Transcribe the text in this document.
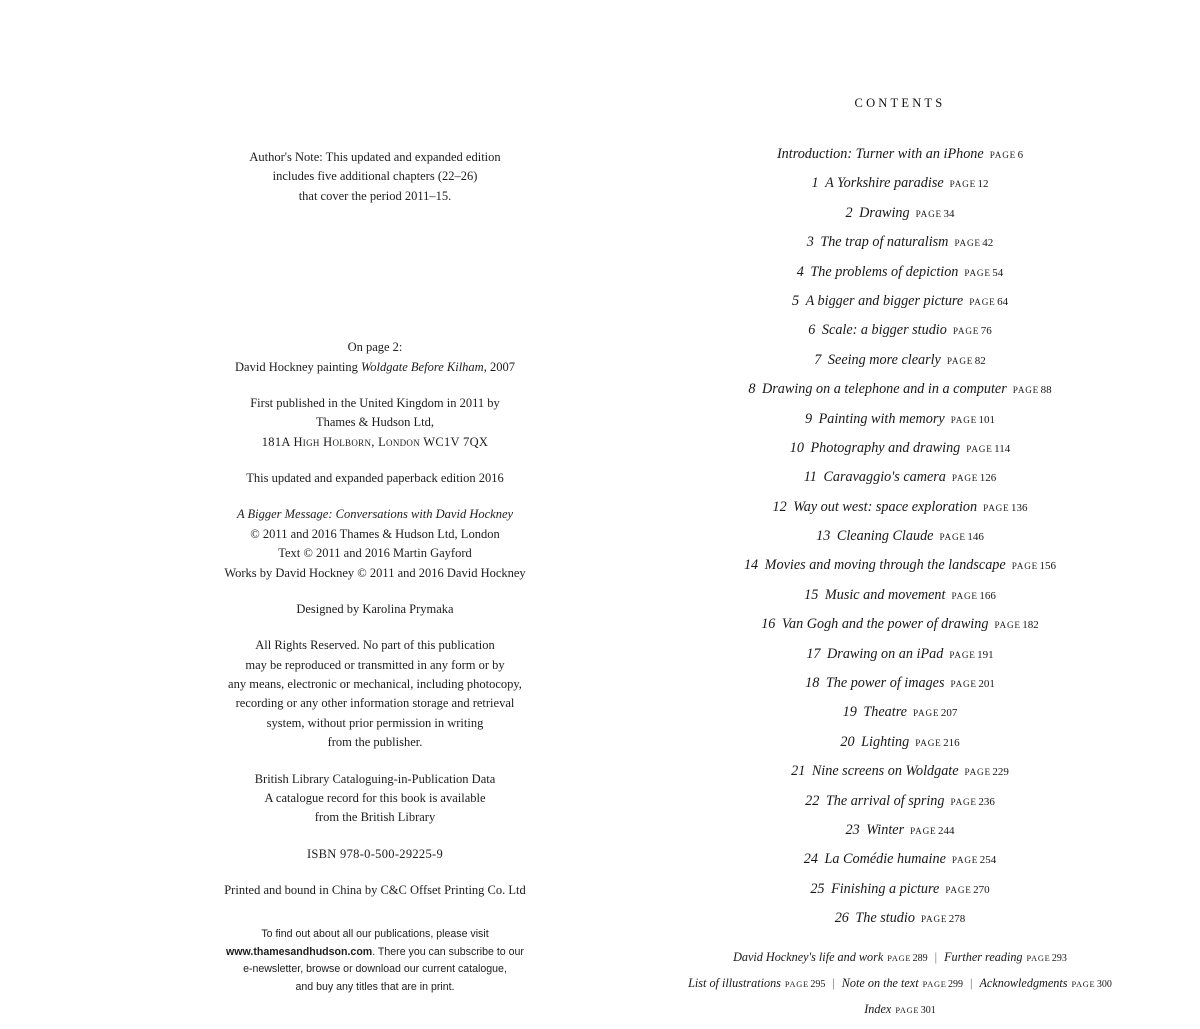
Author's Note: This updated and expanded edition
includes five additional chapters (22–26)
that cover the period 2011–15.

On page 2:

David Hockney painting Woldgate Before Kilham, 2007

First published in the United Kingdom in 2011 by
Thames & Hudson Ltd,
181A High Holborn, London WC1V 7QX

This updated and expanded paperback edition 2016

A Bigger Message: Conversations with David Hockney
© 2011 and 2016 Thames & Hudson Ltd, London
Text © 2011 and 2016 Martin Gayford
Works by David Hockney © 2011 and 2016 David Hockney

Designed by Karolina Prymaka

All Rights Reserved. No part of this publication
may be reproduced or transmitted in any form or by
any means, electronic or mechanical, including photocopy,
recording or any other information storage and retrieval
system, without prior permission in writing
from the publisher.

British Library Cataloguing-in-Publication Data
A catalogue record for this book is available
from the British Library

ISBN 978-0-500-29225-9

Printed and bound in China by C&C Offset Printing Co. Ltd

To find out about all our publications, please visit
www.thamesandhudson.com. There you can subscribe to our
e-newsletter, browse or download our current catalogue,
and buy any titles that are in print.
CONTENTS
Introduction: Turner with an iPhone PAGE 6
1 A Yorkshire paradise PAGE 12
2 Drawing PAGE 34
3 The trap of naturalism PAGE 42
4 The problems of depiction PAGE 54
5 A bigger and bigger picture PAGE 64
6 Scale: a bigger studio PAGE 76
7 Seeing more clearly PAGE 82
8 Drawing on a telephone and in a computer PAGE 88
9 Painting with memory PAGE 101
10 Photography and drawing PAGE 114
11 Caravaggio's camera PAGE 126
12 Way out west: space exploration PAGE 136
13 Cleaning Claude PAGE 146
14 Movies and moving through the landscape PAGE 156
15 Music and movement PAGE 166
16 Van Gogh and the power of drawing PAGE 182
17 Drawing on an iPad PAGE 191
18 The power of images PAGE 201
19 Theatre PAGE 207
20 Lighting PAGE 216
21 Nine screens on Woldgate PAGE 229
22 The arrival of spring PAGE 236
23 Winter PAGE 244
24 La Comédie humaine PAGE 254
25 Finishing a picture PAGE 270
26 The studio PAGE 278
David Hockney's life and work PAGE 289 | Further reading PAGE 293
List of illustrations PAGE 295 | Note on the text PAGE 299 | Acknowledgments PAGE 300
Index PAGE 301
